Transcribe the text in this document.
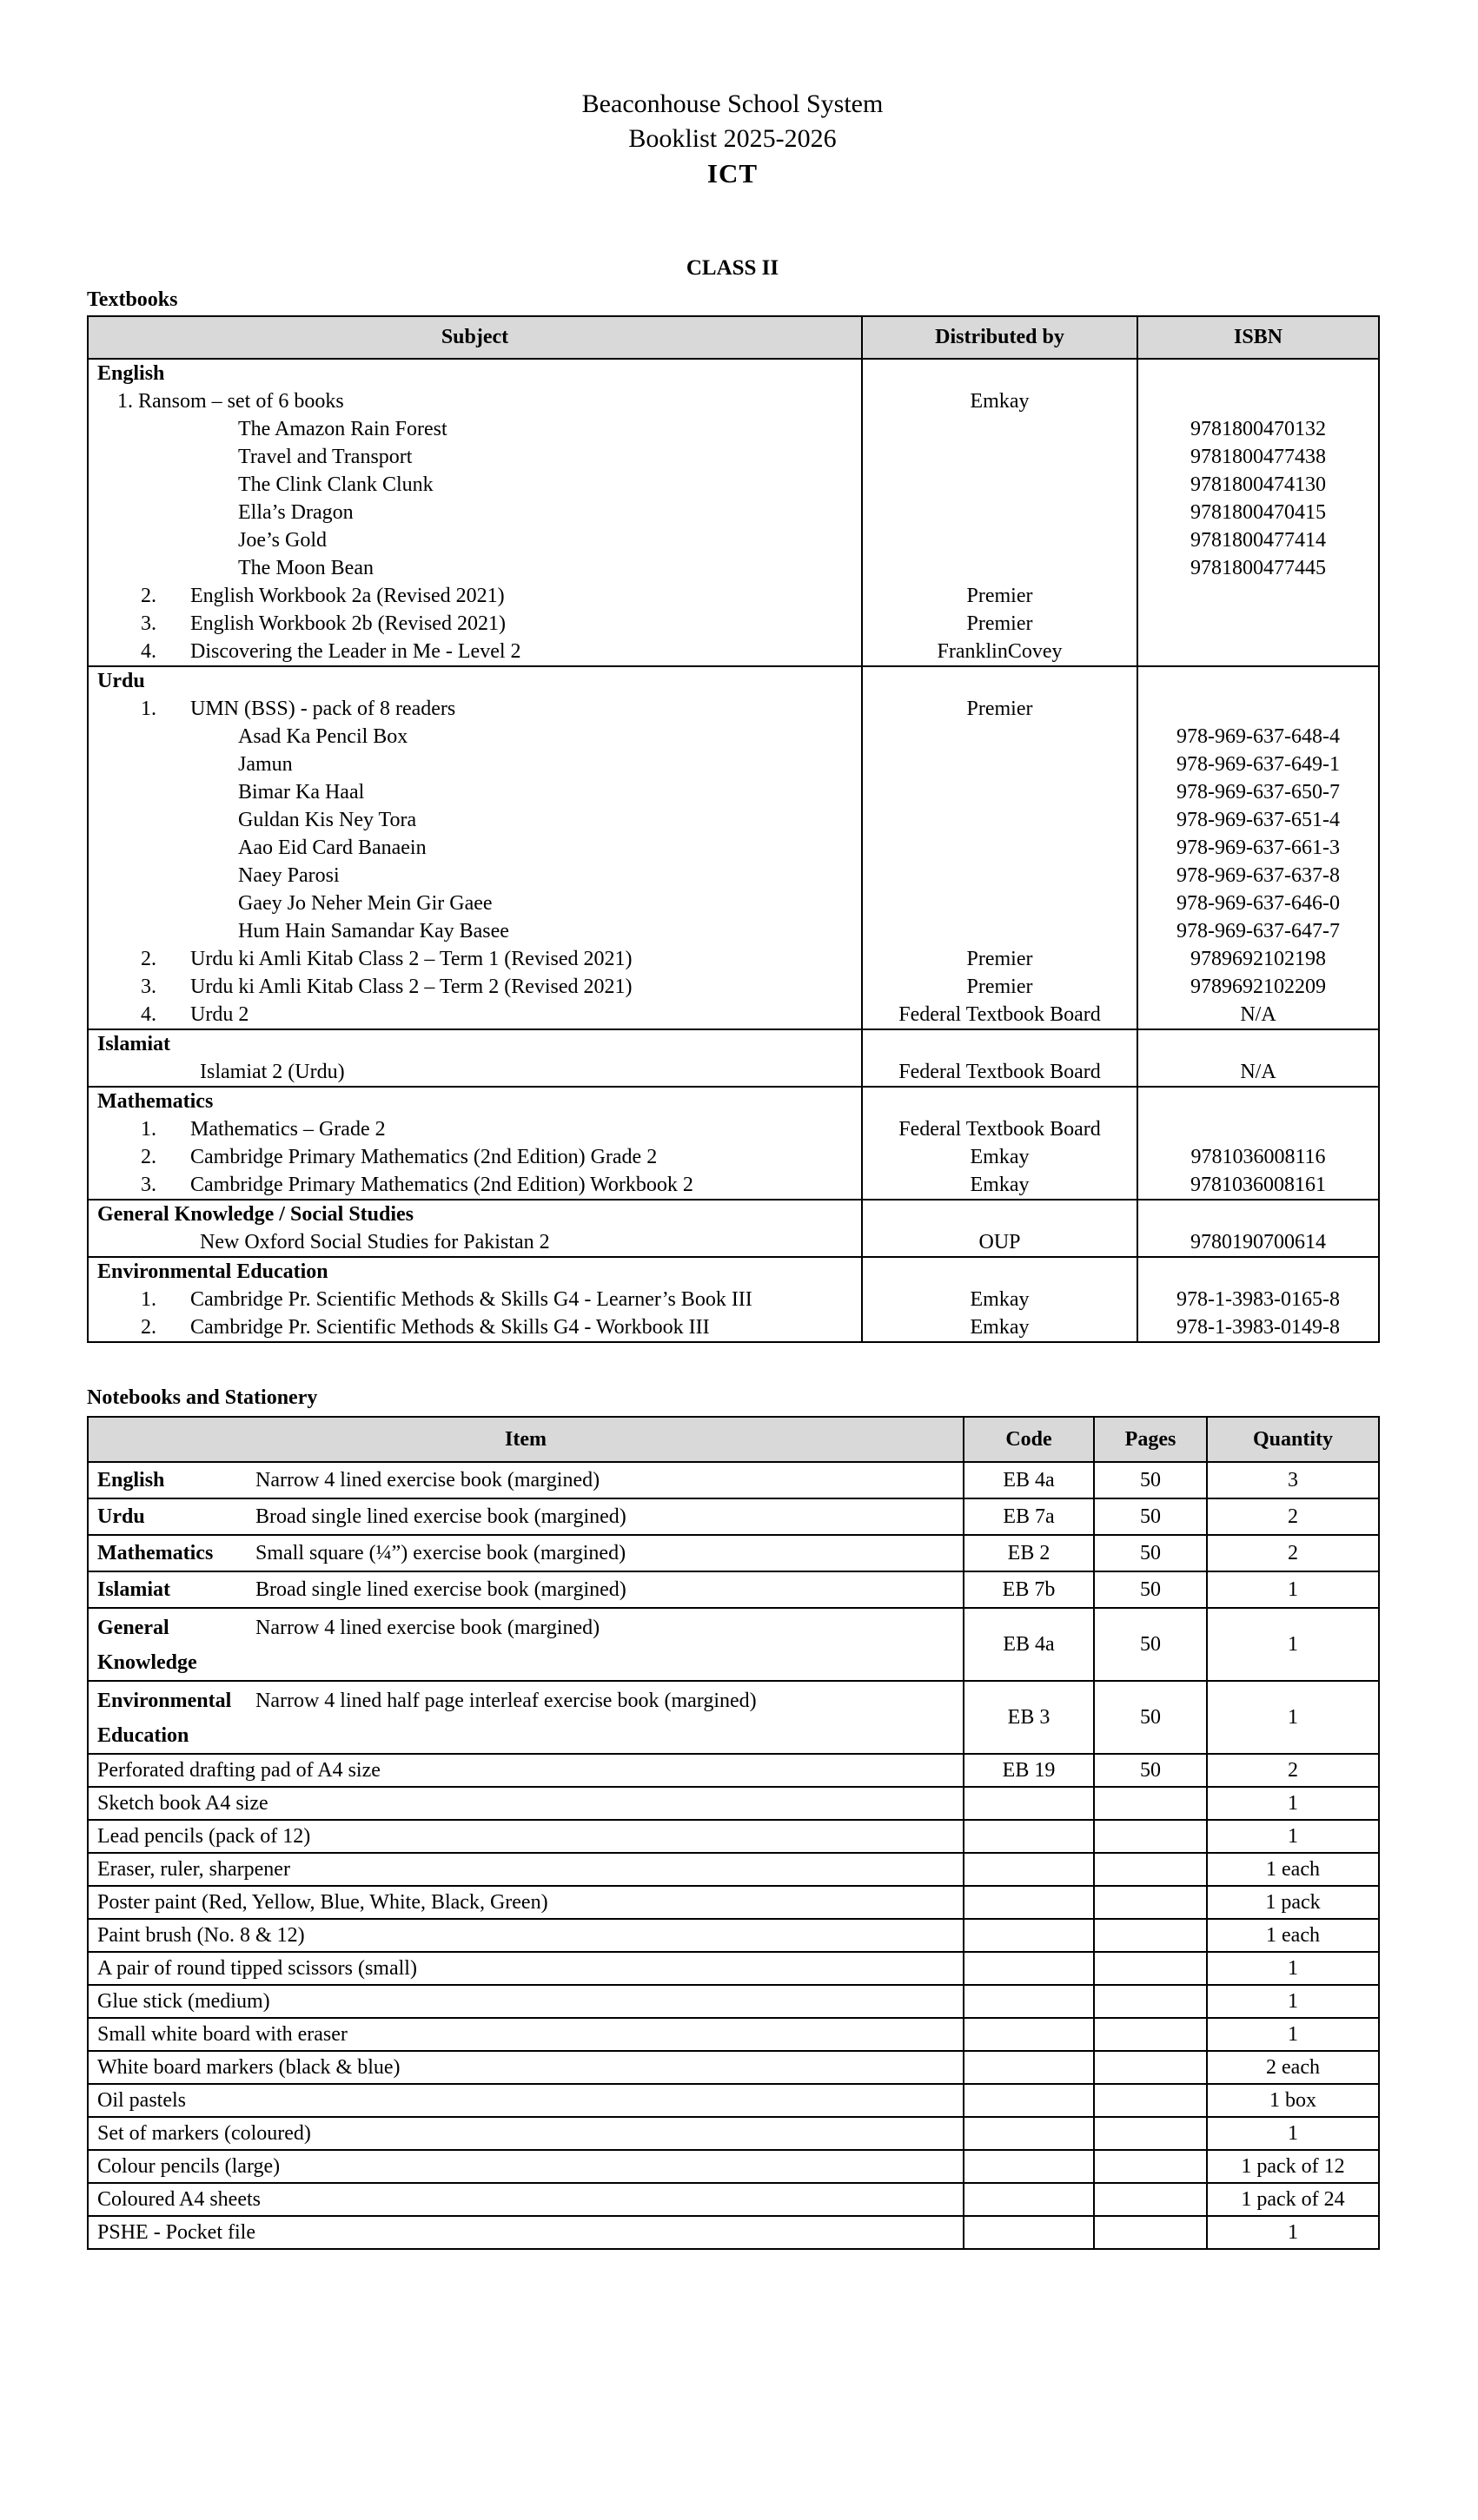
Beaconhouse School System
Booklist 2025-2026
ICT
CLASS II
Textbooks
Subject	Distributed by	ISBN

English		

1. Ransom – set of 6 books	Emkay	

The Amazon Rain Forest		9781800470132

Travel and Transport		9781800477438

The Clink Clank Clunk		9781800474130

Ella’s Dragon		9781800470415

Joe’s Gold		9781800477414

The Moon Bean		9781800477445

2. English Workbook 2a (Revised 2021)	Premier	

3. English Workbook 2b (Revised 2021)	Premier	

4. Discovering the Leader in Me - Level 2	FranklinCovey	

Urdu		

1. UMN (BSS) - pack of 8 readers	Premier	

Asad Ka Pencil Box		978-969-637-648-4

Jamun		978-969-637-649-1

Bimar Ka Haal		978-969-637-650-7

Guldan Kis Ney Tora		978-969-637-651-4

Aao Eid Card Banaein		978-969-637-661-3

Naey Parosi		978-969-637-637-8

Gaey Jo Neher Mein Gir Gaee		978-969-637-646-0

Hum Hain Samandar Kay Basee		978-969-637-647-7

2. Urdu ki Amli Kitab Class 2 – Term 1 (Revised 2021)	Premier	9789692102198

3. Urdu ki Amli Kitab Class 2 – Term 2 (Revised 2021)	Premier	9789692102209

4. Urdu 2	Federal Textbook Board	N/A

Islamiat		

Islamiat 2 (Urdu)	Federal Textbook Board	N/A

Mathematics		

1. Mathematics – Grade 2	Federal Textbook Board	

2. Cambridge Primary Mathematics (2nd Edition) Grade 2	Emkay	9781036008116

3. Cambridge Primary Mathematics (2nd Edition) Workbook 2	Emkay	9781036008161

General Knowledge / Social Studies		

New Oxford Social Studies for Pakistan 2	OUP	9780190700614

Environmental Education		

1. Cambridge Pr. Scientific Methods & Skills G4 - Learner’s Book III	Emkay	978-1-3983-0165-8

2. Cambridge Pr. Scientific Methods & Skills G4 - Workbook III	Emkay	978-1-3983-0149-8
Notebooks and Stationery
Item	Code	Pages	Quantity

English Narrow 4 lined exercise book (margined)	EB 4a	50	3

Urdu Broad single lined exercise book (margined)	EB 7a	50	2

Mathematics Small square (¼”) exercise book (margined)	EB 2	50	2

Islamiat Broad single lined exercise book (margined)	EB 7b	50	1

General Knowledge
Narrow 4 lined exercise book (margined)	EB 4a	50	1

Environmental Education
Narrow 4 lined half page interleaf exercise book (margined)	EB 3	50	1

Perforated drafting pad of A4 size	EB 19	50	2

Sketch book A4 size			1

Lead pencils (pack of 12)			1

Eraser, ruler, sharpener			1 each

Poster paint (Red, Yellow, Blue, White, Black, Green)			1 pack

Paint brush (No. 8 & 12)			1 each

A pair of round tipped scissors (small)			1

Glue stick (medium)			1

Small white board with eraser			1

White board markers (black & blue)			2 each

Oil pastels			1 box

Set of markers (coloured)			1

Colour pencils (large)			1 pack of 12

Coloured A4 sheets			1 pack of 24

PSHE - Pocket file			1
